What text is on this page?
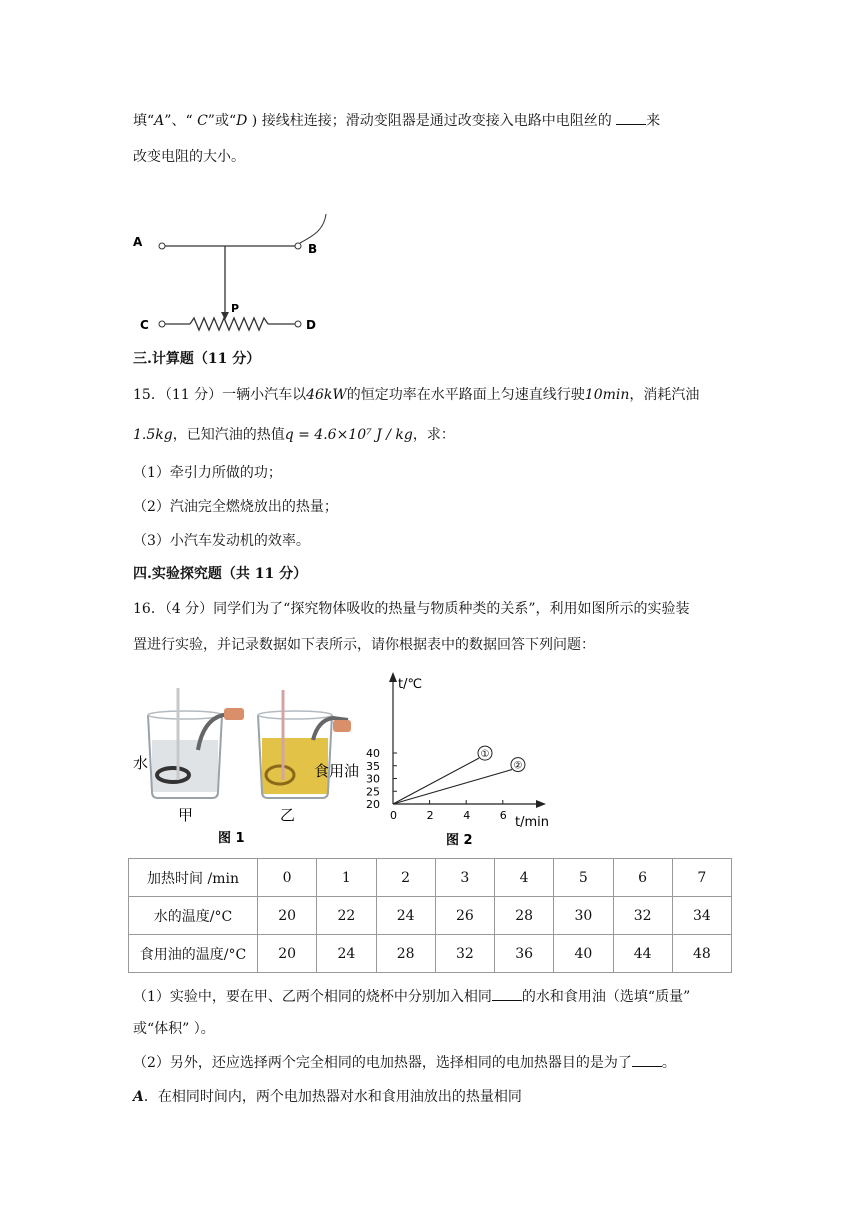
填“A”、“ C”或“D ) 接线柱连接；滑动变阻器是通过改变接入电路中电阻丝的 来
改变电阻的大小。
A	B
P
C	D
三.计算题（11 分）
15．（11 分）一辆小汽车以46kW的恒定功率在水平路面上匀速直线行驶10min，消耗汽油
1.5kg，已知汽油的热值q = 4.6×10⁷ J / kg，求：
（1）牵引力所做的功；
（2）汽油完全燃烧放出的热量；
（3）小汽车发动机的效率。
四.实验探究题（共 11 分）
16．（4 分）同学们为了“探究物体吸收的热量与物质种类的关系”，利用如图所示的实验装
置进行实验，并记录数据如下表所示，请你根据表中的数据回答下列问题：
水
甲
食用油
乙
图 1
20
25
30
35
40
0	2	4	6
①
②
t/℃
t/min
图 2
加热时间 /min	0	1	2	3	4	5	6	7
水的温度/°C	20	22	24	26	28	30	32	34
食用油的温度/°C	20	24	28	32	36	40	44	48
（1）实验中，要在甲、乙两个相同的烧杯中分别加入相同 的水和食用油（选填“质量”
或“体积” ）。
（2）另外，还应选择两个完全相同的电加热器，选择相同的电加热器目的是为了 。
A．在相同时间内，两个电加热器对水和食用油放出的热量相同
